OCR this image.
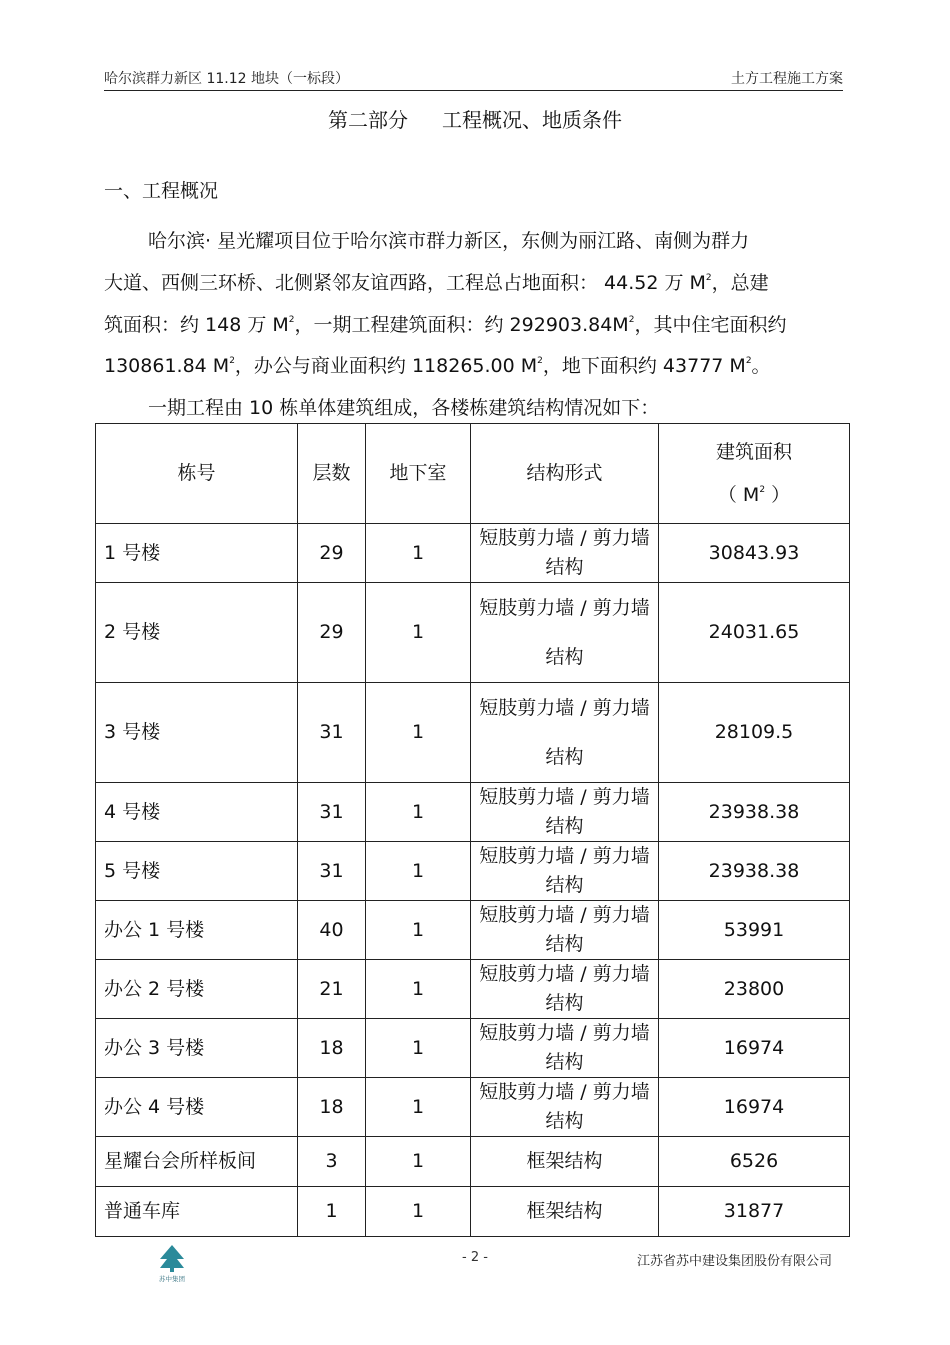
哈尔滨群力新区 11.12 地块（一标段）	土方工程施工方案
第二部分 工程概况、地质条件
一、工程概况
哈尔滨· 星光耀项目位于哈尔滨市群力新区，东侧为丽江路、南侧为群力
大道、西侧三环桥、北侧紧邻友谊西路，工程总占地面积： 44.52 万 $M^2$，总建
筑面积：约 148 万 $M^2$，一期工程建筑面积：约 $292903.84M^2$，其中住宅面积约
130861.84 $M^2$，办公与商业面积约 118265.00 $M^2$，地下面积约 43777 $M^2$。
一期工程由 10 栋单体建筑组成，各楼栋建筑结构情况如下：
栋号	层数	地下室	结构形式	建筑面积
（ $M^2$ ）

1 号楼	29	1	短肢剪力墙 / 剪力墙
结构	30843.93
2 号楼	29	1	短肢剪力墙 / 剪力墙
结构	24031.65
3 号楼	31	1	短肢剪力墙 / 剪力墙
结构	28109.5
4 号楼	31	1	短肢剪力墙 / 剪力墙
结构	23938.38
5 号楼	31	1	短肢剪力墙 / 剪力墙
结构	23938.38
办公 1 号楼	40	1	短肢剪力墙 / 剪力墙
结构	53991
办公 2 号楼	21	1	短肢剪力墙 / 剪力墙
结构	23800
办公 3 号楼	18	1	短肢剪力墙 / 剪力墙
结构	16974
办公 4 号楼	18	1	短肢剪力墙 / 剪力墙
结构	16974
星耀台会所样板间	3	1	框架结构	6526
普通车库	1	1	框架结构	31877
苏中集团
- 2 -	江苏省苏中建设集团股份有限公司
